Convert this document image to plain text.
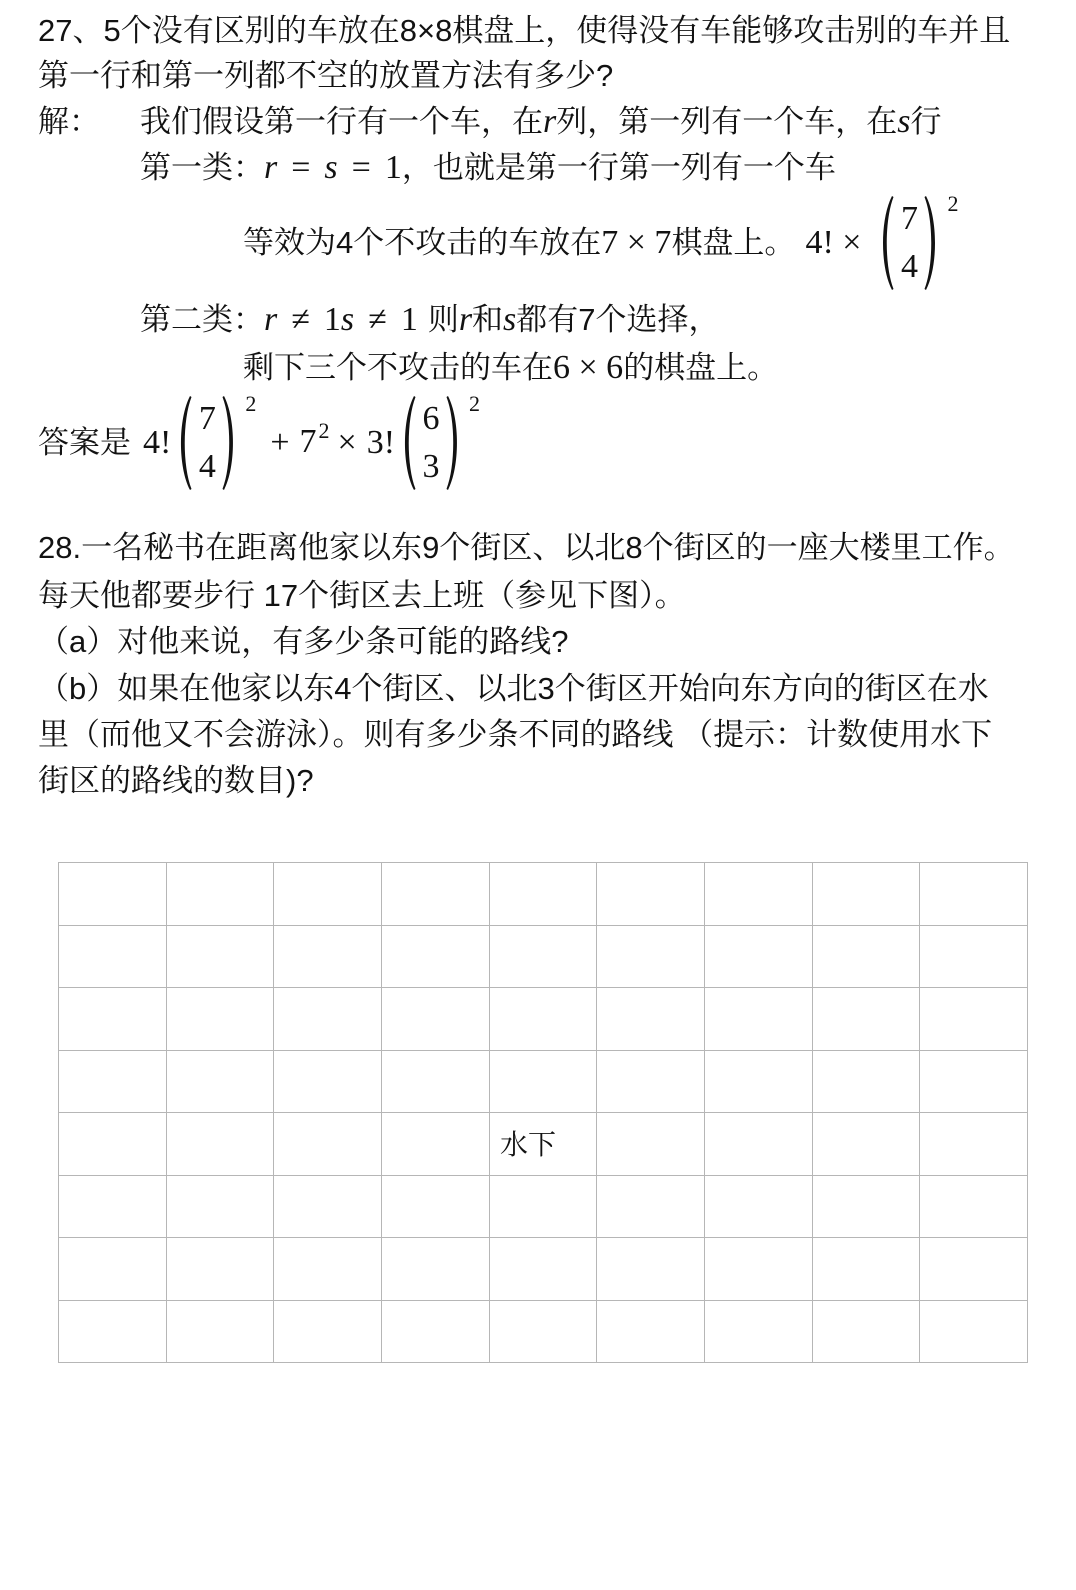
27、5个没有区别的车放在8×8棋盘上，使得没有车能够攻击别的车并且
第一行和第一列都不空的放置方法有多少?
解： 我们假设第一行有一个车，在r列，第一列有一个车，在s行
第一类：r = s = 1，也就是第一行第一列有一个车
等效为4个不攻击的车放在 7 × 7 棋盘上。 4! ×
7
4
2
第二类：r ≠ 1s ≠ 1 则r和s都有7个选择，
剩下三个不攻击的车在6 × 6的棋盘上。
答案是 4!
7
4
2
+ $7^2 \times 3$!
6
3
2
28.一名秘书在距离他家以东9个街区、以北8个街区的一座大楼里工作。
每天他都要步行 17个街区去上班（参见下图）。
（a）对他来说，有多少条可能的路线?
（b）如果在他家以东4个街区、以北3个街区开始向东方向的街区在水
里（而他又不会游泳）。则有多少条不同的路线 （提示：计数使用水下
街区的路线的数目)?
水下
